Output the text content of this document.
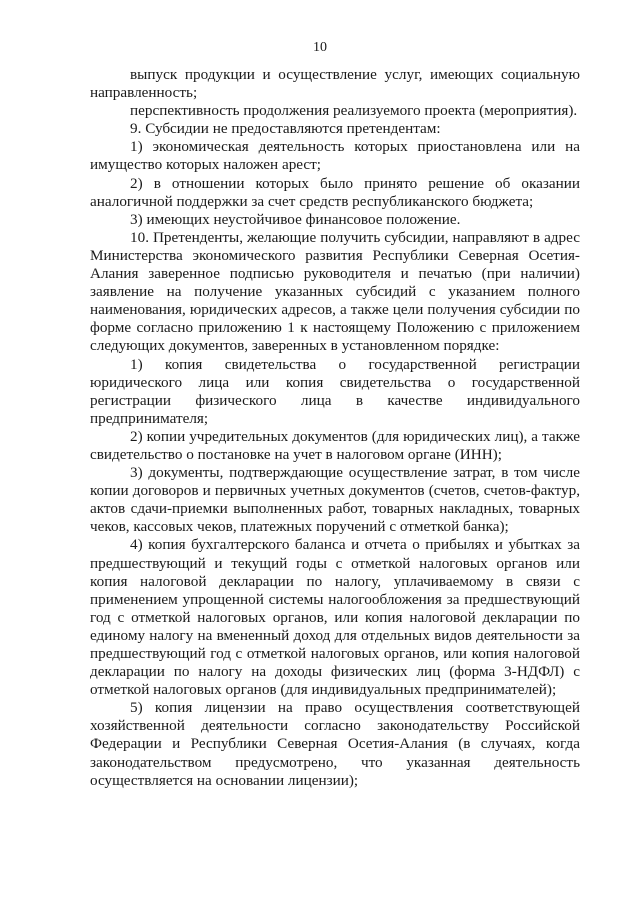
10

выпуск продукции и осуществление услуг, имеющих социальную направленность;

перспективность продолжения реализуемого проекта (мероприятия).

9. Субсидии не предоставляются претендентам:

1) экономическая деятельность которых приостановлена или на имущество которых наложен арест;

2) в отношении которых было принято решение об оказании аналогичной поддержки за счет средств республиканского бюджета;

3) имеющих неустойчивое финансовое положение.

10. Претенденты, желающие получить субсидии, направляют в адрес Министерства экономического развития Республики Северная Осетия-Алания заверенное подписью руководителя и печатью (при наличии) заявление на получение указанных субсидий с указанием полного наименования, юридических адресов, а также цели получения субсидии по форме согласно приложению 1 к настоящему Положению с приложением следующих документов, заверенных в установленном порядке:

1) копия свидетельства о государственной регистрации юридического лица или копия свидетельства о государственной регистрации физического лица в качестве индивидуального предпринимателя;

2) копии учредительных документов (для юридических лиц), а также свидетельство о постановке на учет в налоговом органе (ИНН);

3) документы, подтверждающие осуществление затрат, в том числе копии договоров и первичных учетных документов (счетов, счетов-фактур, актов сдачи-приемки выполненных работ, товарных накладных, товарных чеков, кассовых чеков, платежных поручений с отметкой банка);

4) копия бухгалтерского баланса и отчета о прибылях и убытках за предшествующий и текущий годы с отметкой налоговых органов или копия налоговой декларации по налогу, уплачиваемому в связи с применением упрощенной системы налогообложения за предшествующий год с отметкой налоговых органов, или копия налоговой декларации по единому налогу на вмененный доход для отдельных видов деятельности за предшествующий год с отметкой налоговых органов, или копия налоговой декларации по налогу на доходы физических лиц (форма 3-НДФЛ) с отметкой налоговых органов (для индивидуальных предпринимателей);

5) копия лицензии на право осуществления соответствующей хозяйственной деятельности согласно законодательству Российской Федерации и Республики Северная Осетия-Алания (в случаях, когда законодательством предусмотрено, что указанная деятельность осуществляется на основании лицензии);
